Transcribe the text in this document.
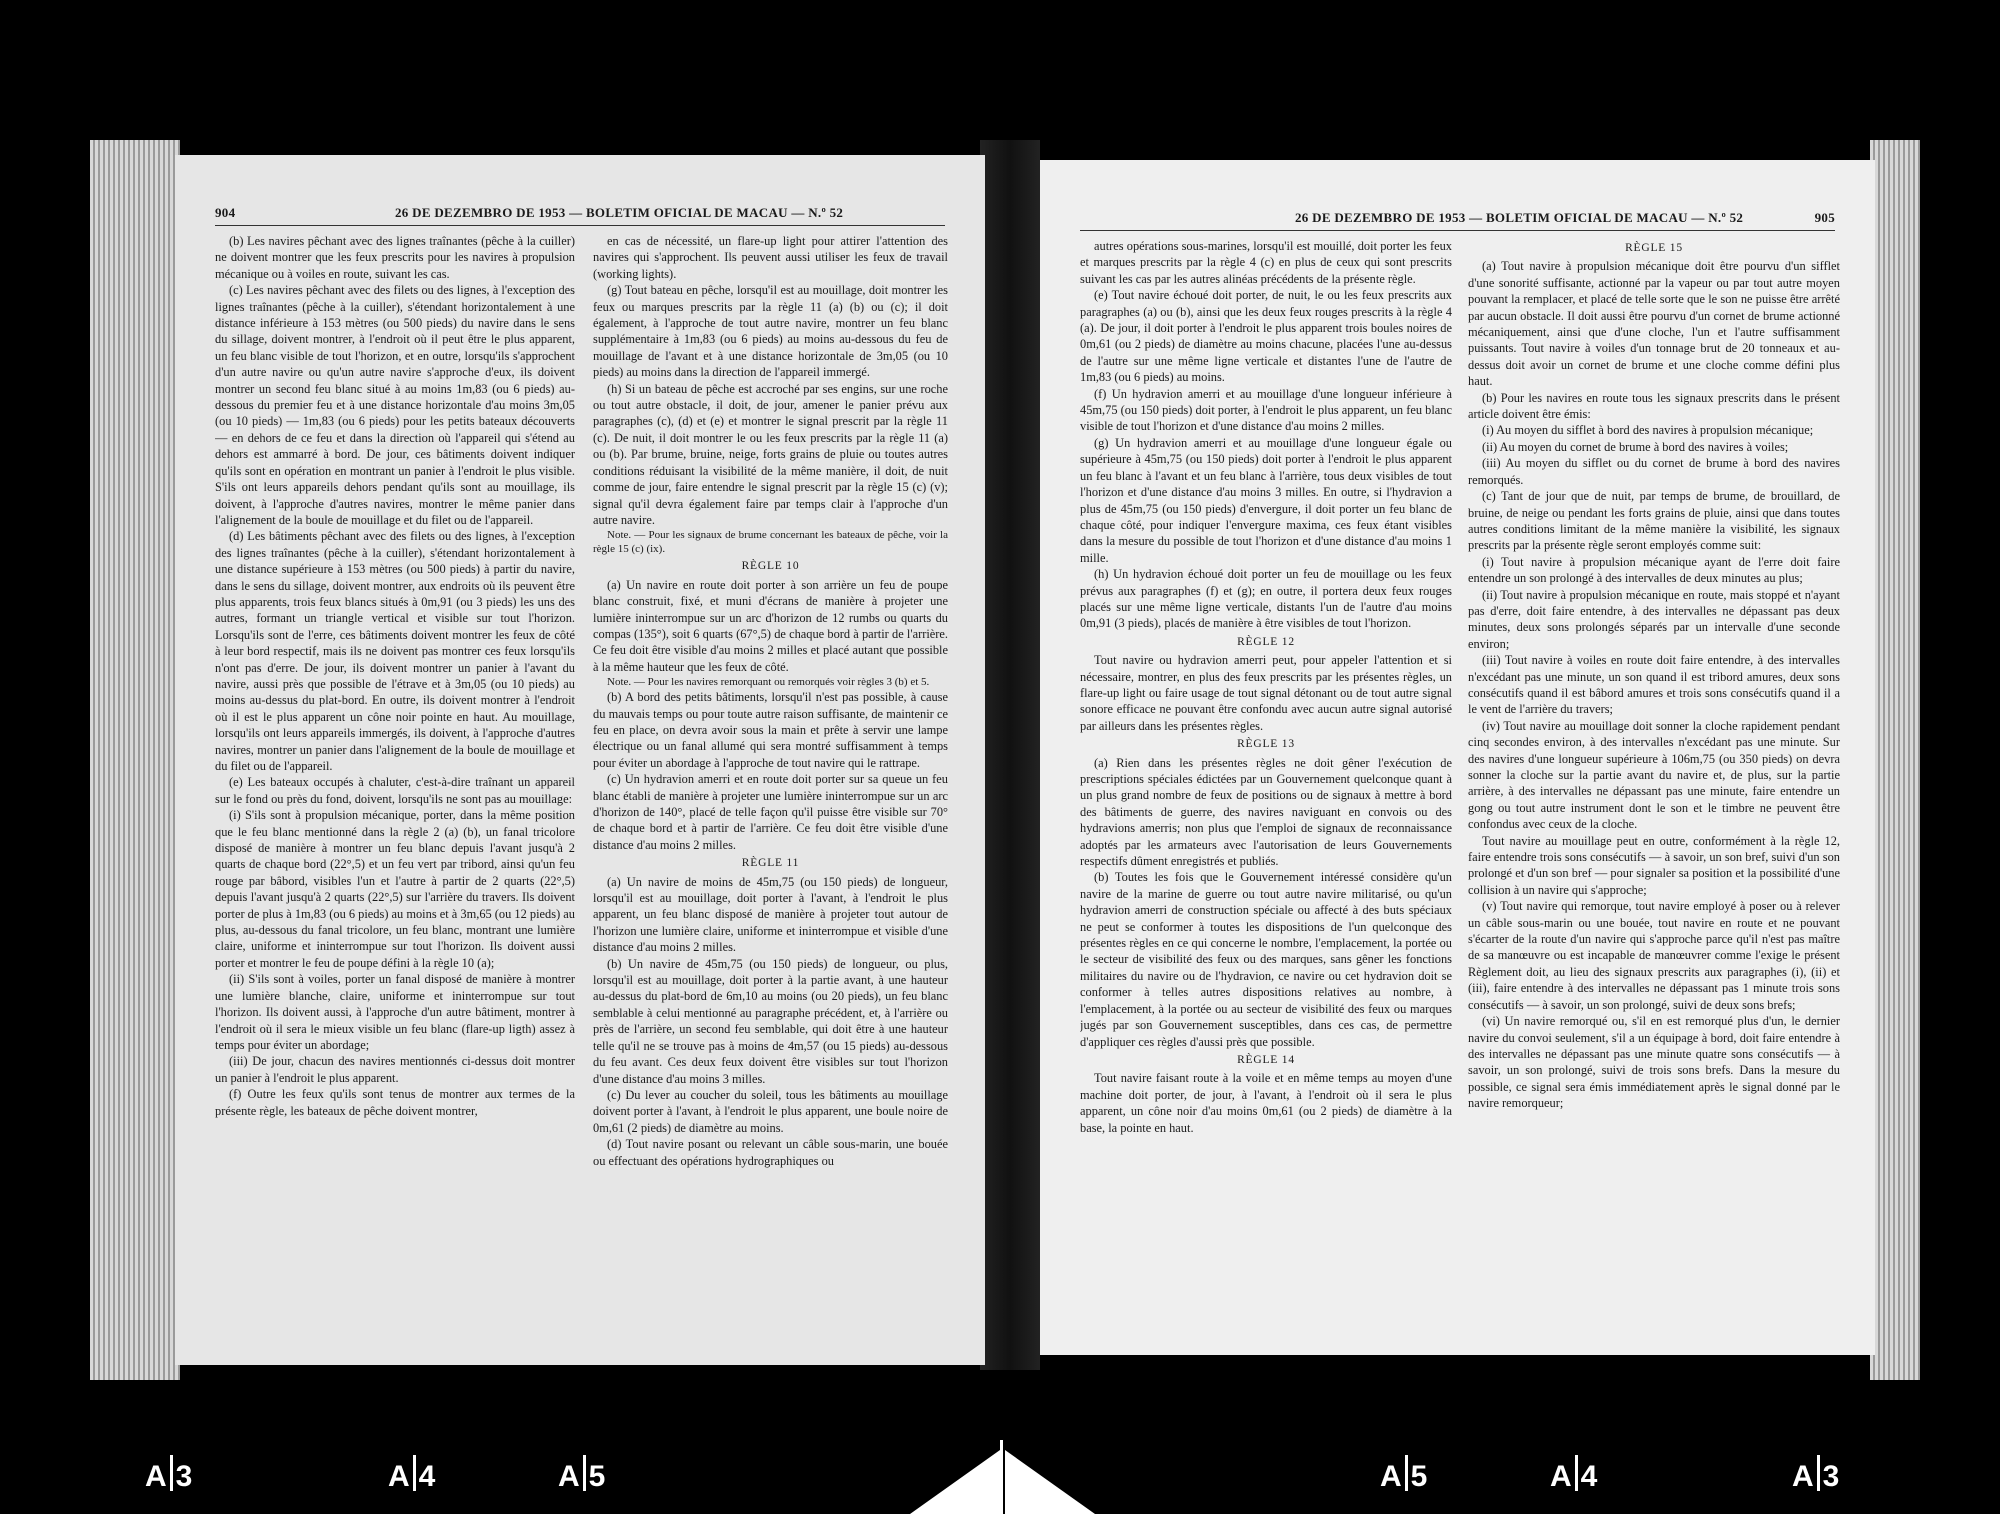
904	26 DE DEZEMBRO DE 1953 — BOLETIM OFICIAL DE MACAU — N.º 52

(b) Les navires pêchant avec des lignes traînantes (pêche à la cuiller) ne doivent montrer que les feux prescrits pour les navires à propulsion mécanique ou à voiles en route, suivant les cas.

(c) Les navires pêchant avec des filets ou des lignes, à l'exception des lignes traînantes (pêche à la cuiller), s'étendant horizontalement à une distance inférieure à 153 mètres (ou 500 pieds) du navire dans le sens du sillage, doivent montrer, à l'endroit où il peut être le plus apparent, un feu blanc visible de tout l'horizon, et en outre, lorsqu'ils s'approchent d'un autre navire ou qu'un autre navire s'approche d'eux, ils doivent montrer un second feu blanc situé à au moins 1m,83 (ou 6 pieds) au-dessous du premier feu et à une distance horizontale d'au moins 3m,05 (ou 10 pieds) — 1m,83 (ou 6 pieds) pour les petits bateaux découverts — en dehors de ce feu et dans la direction où l'appareil qui s'étend au dehors est ammarré à bord. De jour, ces bâtiments doivent indiquer qu'ils sont en opération en montrant un panier à l'endroit le plus visible. S'ils ont leurs appareils dehors pendant qu'ils sont au mouillage, ils doivent, à l'approche d'autres navires, montrer le même panier dans l'alignement de la boule de mouillage et du filet ou de l'appareil.

(d) Les bâtiments pêchant avec des filets ou des lignes, à l'exception des lignes traînantes (pêche à la cuiller), s'étendant horizontalement à une distance supérieure à 153 mètres (ou 500 pieds) à partir du navire, dans le sens du sillage, doivent montrer, aux endroits où ils peuvent être plus apparents, trois feux blancs situés à 0m,91 (ou 3 pieds) les uns des autres, formant un triangle vertical et visible sur tout l'horizon. Lorsqu'ils sont de l'erre, ces bâtiments doivent montrer les feux de côté à leur bord respectif, mais ils ne doivent pas montrer ces feux lorsqu'ils n'ont pas d'erre. De jour, ils doivent montrer un panier à l'avant du navire, aussi près que possible de l'étrave et à 3m,05 (ou 10 pieds) au moins au-dessus du plat-bord. En outre, ils doivent montrer à l'endroit où il est le plus apparent un cône noir pointe en haut. Au mouillage, lorsqu'ils ont leurs appareils immergés, ils doivent, à l'approche d'autres navires, montrer un panier dans l'alignement de la boule de mouillage et du filet ou de l'appareil.

(e) Les bateaux occupés à chaluter, c'est-à-dire traînant un appareil sur le fond ou près du fond, doivent, lorsqu'ils ne sont pas au mouillage:

(i) S'ils sont à propulsion mécanique, porter, dans la même position que le feu blanc mentionné dans la règle 2 (a) (b), un fanal tricolore disposé de manière à montrer un feu blanc depuis l'avant jusqu'à 2 quarts de chaque bord (22°,5) et un feu vert par tribord, ainsi qu'un feu rouge par bâbord, visibles l'un et l'autre à partir de 2 quarts (22°,5) depuis l'avant jusqu'à 2 quarts (22°,5) sur l'arrière du travers. Ils doivent porter de plus à 1m,83 (ou 6 pieds) au moins et à 3m,65 (ou 12 pieds) au plus, au-dessous du fanal tricolore, un feu blanc, montrant une lumière claire, uniforme et ininterrompue sur tout l'horizon. Ils doivent aussi porter et montrer le feu de poupe défini à la règle 10 (a);

(ii) S'ils sont à voiles, porter un fanal disposé de manière à montrer une lumière blanche, claire, uniforme et ininterrompue sur tout l'horizon. Ils doivent aussi, à l'approche d'un autre bâtiment, montrer à l'endroit où il sera le mieux visible un feu blanc (flare-up ligth) assez à temps pour éviter un abordage;

(iii) De jour, chacun des navires mentionnés ci-dessus doit montrer un panier à l'endroit le plus apparent.

(f) Outre les feux qu'ils sont tenus de montrer aux termes de la présente règle, les bateaux de pêche doivent montrer,

en cas de nécessité, un flare-up light pour attirer l'attention des navires qui s'approchent. Ils peuvent aussi utiliser les feux de travail (working lights).

(g) Tout bateau en pêche, lorsqu'il est au mouillage, doit montrer les feux ou marques prescrits par la règle 11 (a) (b) ou (c); il doit également, à l'approche de tout autre navire, montrer un feu blanc supplémentaire à 1m,83 (ou 6 pieds) au moins au-dessous du feu de mouillage de l'avant et à une distance horizontale de 3m,05 (ou 10 pieds) au moins dans la direction de l'appareil immergé.

(h) Si un bateau de pêche est accroché par ses engins, sur une roche ou tout autre obstacle, il doit, de jour, amener le panier prévu aux paragraphes (c), (d) et (e) et montrer le signal prescrit par la règle 11 (c). De nuit, il doit montrer le ou les feux prescrits par la règle 11 (a) ou (b). Par brume, bruine, neige, forts grains de pluie ou toutes autres conditions réduisant la visibilité de la même manière, il doit, de nuit comme de jour, faire entendre le signal prescrit par la règle 15 (c) (v); signal qu'il devra également faire par temps clair à l'approche d'un autre navire.

Note. — Pour les signaux de brume concernant les bateaux de pêche, voir la règle 15 (c) (ix).

RÈGLE 10

(a) Un navire en route doit porter à son arrière un feu de poupe blanc construit, fixé, et muni d'écrans de manière à projeter une lumière ininterrompue sur un arc d'horizon de 12 rumbs ou quarts du compas (135°), soit 6 quarts (67°,5) de chaque bord à partir de l'arrière. Ce feu doit être visible d'au moins 2 milles et placé autant que possible à la même hauteur que les feux de côté.

Note. — Pour les navires remorquant ou remorqués voir règles 3 (b) et 5.

(b) A bord des petits bâtiments, lorsqu'il n'est pas possible, à cause du mauvais temps ou pour toute autre raison suffisante, de maintenir ce feu en place, on devra avoir sous la main et prête à servir une lampe électrique ou un fanal allumé qui sera montré suffisamment à temps pour éviter un abordage à l'approche de tout navire qui le rattrape.

(c) Un hydravion amerri et en route doit porter sur sa queue un feu blanc établi de manière à projeter une lumière ininterrompue sur un arc d'horizon de 140°, placé de telle façon qu'il puisse être visible sur 70° de chaque bord et à partir de l'arrière. Ce feu doit être visible d'une distance d'au moins 2 milles.

RÈGLE 11

(a) Un navire de moins de 45m,75 (ou 150 pieds) de longueur, lorsqu'il est au mouillage, doit porter à l'avant, à l'endroit le plus apparent, un feu blanc disposé de manière à projeter tout autour de l'horizon une lumière claire, uniforme et ininterrompue et visible d'une distance d'au moins 2 milles.

(b) Un navire de 45m,75 (ou 150 pieds) de longueur, ou plus, lorsqu'il est au mouillage, doit porter à la partie avant, à une hauteur au-dessus du plat-bord de 6m,10 au moins (ou 20 pieds), un feu blanc semblable à celui mentionné au paragraphe précédent, et, à l'arrière ou près de l'arrière, un second feu semblable, qui doit être à une hauteur telle qu'il ne se trouve pas à moins de 4m,57 (ou 15 pieds) au-dessous du feu avant. Ces deux feux doivent être visibles sur tout l'horizon d'une distance d'au moins 3 milles.

(c) Du lever au coucher du soleil, tous les bâtiments au mouillage doivent porter à l'avant, à l'endroit le plus apparent, une boule noire de 0m,61 (2 pieds) de diamètre au moins.

(d) Tout navire posant ou relevant un câble sous-marin, une bouée ou effectuant des opérations hydrographiques ou

26 DE DEZEMBRO DE 1953 — BOLETIM OFICIAL DE MACAU — N.º 52	905

autres opérations sous-marines, lorsqu'il est mouillé, doit porter les feux et marques prescrits par la règle 4 (c) en plus de ceux qui sont prescrits suivant les cas par les autres alinéas précédents de la présente règle.

(e) Tout navire échoué doit porter, de nuit, le ou les feux prescrits aux paragraphes (a) ou (b), ainsi que les deux feux rouges prescrits à la règle 4 (a). De jour, il doit porter à l'endroit le plus apparent trois boules noires de 0m,61 (ou 2 pieds) de diamètre au moins chacune, placées l'une au-dessus de l'autre sur une même ligne verticale et distantes l'une de l'autre de 1m,83 (ou 6 pieds) au moins.

(f) Un hydravion amerri et au mouillage d'une longueur inférieure à 45m,75 (ou 150 pieds) doit porter, à l'endroit le plus apparent, un feu blanc visible de tout l'horizon et d'une distance d'au moins 2 milles.

(g) Un hydravion amerri et au mouillage d'une longueur égale ou supérieure à 45m,75 (ou 150 pieds) doit porter à l'endroit le plus apparent un feu blanc à l'avant et un feu blanc à l'arrière, tous deux visibles de tout l'horizon et d'une distance d'au moins 3 milles. En outre, si l'hydravion a plus de 45m,75 (ou 150 pieds) d'envergure, il doit porter un feu blanc de chaque côté, pour indiquer l'envergure maxima, ces feux étant visibles dans la mesure du possible de tout l'horizon et d'une distance d'au moins 1 mille.

(h) Un hydravion échoué doit porter un feu de mouillage ou les feux prévus aux paragraphes (f) et (g); en outre, il portera deux feux rouges placés sur une même ligne verticale, distants l'un de l'autre d'au moins 0m,91 (3 pieds), placés de manière à être visibles de tout l'horizon.

RÈGLE 12

Tout navire ou hydravion amerri peut, pour appeler l'attention et si nécessaire, montrer, en plus des feux prescrits par les présentes règles, un flare-up light ou faire usage de tout signal détonant ou de tout autre signal sonore efficace ne pouvant être confondu avec aucun autre signal autorisé par ailleurs dans les présentes règles.

RÈGLE 13

(a) Rien dans les présentes règles ne doit gêner l'exécution de prescriptions spéciales édictées par un Gouvernement quelconque quant à un plus grand nombre de feux de positions ou de signaux à mettre à bord des bâtiments de guerre, des navires naviguant en convois ou des hydravions amerris; non plus que l'emploi de signaux de reconnaissance adoptés par les armateurs avec l'autorisation de leurs Gouvernements respectifs dûment enregistrés et publiés.

(b) Toutes les fois que le Gouvernement intéressé considère qu'un navire de la marine de guerre ou tout autre navire militarisé, ou qu'un hydravion amerri de construction spéciale ou affecté à des buts spéciaux ne peut se conformer à toutes les dispositions de l'un quelconque des présentes règles en ce qui concerne le nombre, l'emplacement, la portée ou le secteur de visibilité des feux ou des marques, sans gêner les fonctions militaires du navire ou de l'hydravion, ce navire ou cet hydravion doit se conformer à telles autres dispositions relatives au nombre, à l'emplacement, à la portée ou au secteur de visibilité des feux ou marques jugés par son Gouvernement susceptibles, dans ces cas, de permettre d'appliquer ces règles d'aussi près que possible.

RÈGLE 14

Tout navire faisant route à la voile et en même temps au moyen d'une machine doit porter, de jour, à l'avant, à l'endroit où il sera le plus apparent, un cône noir d'au moins 0m,61 (ou 2 pieds) de diamètre à la base, la pointe en haut.

RÈGLE 15

(a) Tout navire à propulsion mécanique doit être pourvu d'un sifflet d'une sonorité suffisante, actionné par la vapeur ou par tout autre moyen pouvant la remplacer, et placé de telle sorte que le son ne puisse être arrêté par aucun obstacle. Il doit aussi être pourvu d'un cornet de brume actionné mécaniquement, ainsi que d'une cloche, l'un et l'autre suffisamment puissants. Tout navire à voiles d'un tonnage brut de 20 tonneaux et au-dessus doit avoir un cornet de brume et une cloche comme défini plus haut.

(b) Pour les navires en route tous les signaux prescrits dans le présent article doivent être émis:

(i) Au moyen du sifflet à bord des navires à propulsion mécanique;

(ii) Au moyen du cornet de brume à bord des navires à voiles;

(iii) Au moyen du sifflet ou du cornet de brume à bord des navires remorqués.

(c) Tant de jour que de nuit, par temps de brume, de brouillard, de bruine, de neige ou pendant les forts grains de pluie, ainsi que dans toutes autres conditions limitant de la même manière la visibilité, les signaux prescrits par la présente règle seront employés comme suit:

(i) Tout navire à propulsion mécanique ayant de l'erre doit faire entendre un son prolongé à des intervalles de deux minutes au plus;

(ii) Tout navire à propulsion mécanique en route, mais stoppé et n'ayant pas d'erre, doit faire entendre, à des intervalles ne dépassant pas deux minutes, deux sons prolongés séparés par un intervalle d'une seconde environ;

(iii) Tout navire à voiles en route doit faire entendre, à des intervalles n'excédant pas une minute, un son quand il est tribord amures, deux sons consécutifs quand il est bâbord amures et trois sons consécutifs quand il a le vent de l'arrière du travers;

(iv) Tout navire au mouillage doit sonner la cloche rapidement pendant cinq secondes environ, à des intervalles n'excédant pas une minute. Sur des navires d'une longueur supérieure à 106m,75 (ou 350 pieds) on devra sonner la cloche sur la partie avant du navire et, de plus, sur la partie arrière, à des intervalles ne dépassant pas une minute, faire entendre un gong ou tout autre instrument dont le son et le timbre ne peuvent être confondus avec ceux de la cloche.

Tout navire au mouillage peut en outre, conformément à la règle 12, faire entendre trois sons consécutifs — à savoir, un son bref, suivi d'un son prolongé et d'un son bref — pour signaler sa position et la possibilité d'une collision à un navire qui s'approche;

(v) Tout navire qui remorque, tout navire employé à poser ou à relever un câble sous-marin ou une bouée, tout navire en route et ne pouvant s'écarter de la route d'un navire qui s'approche parce qu'il n'est pas maître de sa manœuvre ou est incapable de manœuvrer comme l'exige le présent Règlement doit, au lieu des signaux prescrits aux paragraphes (i), (ii) et (iii), faire entendre à des intervalles ne dépassant pas 1 minute trois sons consécutifs — à savoir, un son prolongé, suivi de deux sons brefs;

(vi) Un navire remorqué ou, s'il en est remorqué plus d'un, le dernier navire du convoi seulement, s'il a un équipage à bord, doit faire entendre à des intervalles ne dépassant pas une minute quatre sons consécutifs — à savoir, un son prolongé, suivi de trois sons brefs. Dans la mesure du possible, ce signal sera émis immédiatement après le signal donné par le navire remorqueur;

A 3	A 4	A 5	A 5	A 4	A 3
